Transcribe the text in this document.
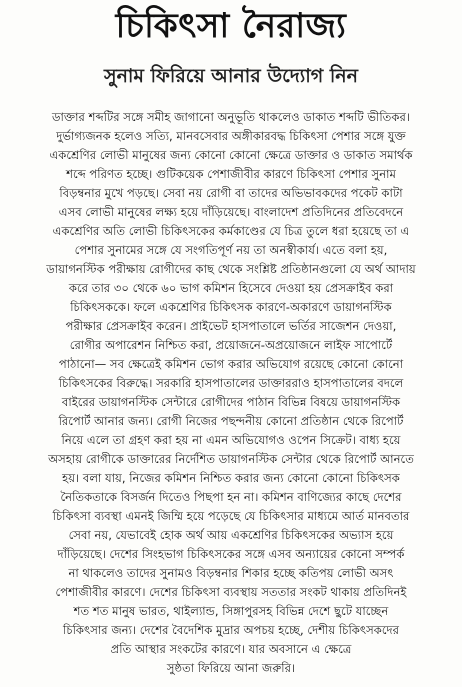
চিকিৎসা নৈরাজ্য
সুনাম ফিরিয়ে আনার উদ্যোগ নিন
ডাক্তার শব্দটির সঙ্গে সমীহ জাগানো অনুভূতি থাকলেও ডাকাত শব্দটি ভীতিকর।
দুর্ভাগ্যজনক হলেও সত্যি, মানবসেবার অঙ্গীকারবদ্ধ চিকিৎসা পেশার সঙ্গে যুক্ত
একশ্রেণির লোভী মানুষের জন্য কোনো কোনো ক্ষেত্রে ডাক্তার ও ডাকাত সমার্থক
শব্দে পরিণত হচ্ছে। গুটিকয়েক পেশাজীবীর কারণে চিকিৎসা পেশার সুনাম
বিড়ম্বনার মুখে পড়ছে। সেবা নয় রোগী বা তাদের অভিভাবকদের পকেট কাটা
এসব লোভী মানুষের লক্ষ্য হয়ে দাঁড়িয়েছে। বাংলাদেশ প্রতিদিনের প্রতিবেদনে
একশ্রেণির অতি লোভী চিকিৎসকের কর্মকাণ্ডের যে চিত্র তুলে ধরা হয়েছে তা এ
পেশার সুনামের সঙ্গে যে সংগতিপূর্ণ নয় তা অনস্বীকার্য। এতে বলা হয়,
ডায়াগনস্টিক পরীক্ষায় রোগীদের কাছ থেকে সংশ্লিষ্ট প্রতিষ্ঠানগুলো যে অর্থ আদায়
করে তার ৩০ থেকে ৬০ ভাগ কমিশন হিসেবে দেওয়া হয় প্রেসক্রাইব করা
চিকিৎসককে। ফলে একশ্রেণির চিকিৎসক কারণে-অকারণে ডায়াগনস্টিক
পরীক্ষার প্রেসক্রাইব করেন। প্রাইভেট হাসপাতালে ভর্তির সাজেশন দেওয়া,
রোগীর অপারেশন নিশ্চিত করা, প্রয়োজনে-অপ্রয়োজনে লাইফ সাপোর্টে
পাঠানো— সব ক্ষেত্রেই কমিশন ভোগ করার অভিযোগ রয়েছে কোনো কোনো
চিকিৎসকের বিরুদ্ধে। সরকারি হাসপাতালের ডাক্তাররাও হাসপাতালের বদলে
বাইরের ডায়াগনস্টিক সেন্টারে রোগীদের পাঠান বিভিন্ন বিষয়ে ডায়াগনস্টিক
রিপোর্ট আনার জন্য। রোগী নিজের পছন্দনীয় কোনো প্রতিষ্ঠান থেকে রিপোর্ট
নিয়ে এলে তা গ্রহণ করা হয় না এমন অভিযোগও ওপেন সিক্রেট। বাধ্য হয়ে
অসহায় রোগীকে ডাক্তারের নির্দেশিত ডায়াগনস্টিক সেন্টার থেকে রিপোর্ট আনতে
হয়। বলা যায়, নিজের কমিশন নিশ্চিত করার জন্য কোনো কোনো চিকিৎসক
নৈতিকতাকে বিসর্জন দিতেও পিছপা হন না। কমিশন বাণিজ্যের কাছে দেশের
চিকিৎসা ব্যবস্থা এমনই জিম্মি হয়ে পড়েছে যে চিকিৎসার মাধ্যমে আর্ত মানবতার
সেবা নয়, যেভাবেই হোক অর্থ আয় একশ্রেণির চিকিৎসকের অভ্যাস হয়ে
দাঁড়িয়েছে। দেশের সিংহভাগ চিকিৎসকের সঙ্গে এসব অন্যায়ের কোনো সম্পর্ক
না থাকলেও তাদের সুনামও বিড়ম্বনার শিকার হচ্ছে কতিপয় লোভী অসৎ
পেশাজীবীর কারণে। দেশের চিকিৎসা ব্যবস্থায় সততার সংকট থাকায় প্রতিদিনই
শত শত মানুষ ভারত, থাইল্যান্ড, সিঙ্গাপুরসহ বিভিন্ন দেশে ছুটে যাচ্ছেন
চিকিৎসার জন্য। দেশের বৈদেশিক মুদ্রার অপচয় হচ্ছে, দেশীয় চিকিৎসকদের
প্রতি আস্থার সংকটের কারণে। যার অবসানে এ ক্ষেত্রে
সুষ্ঠতা ফিরিয়ে আনা জরুরি।
